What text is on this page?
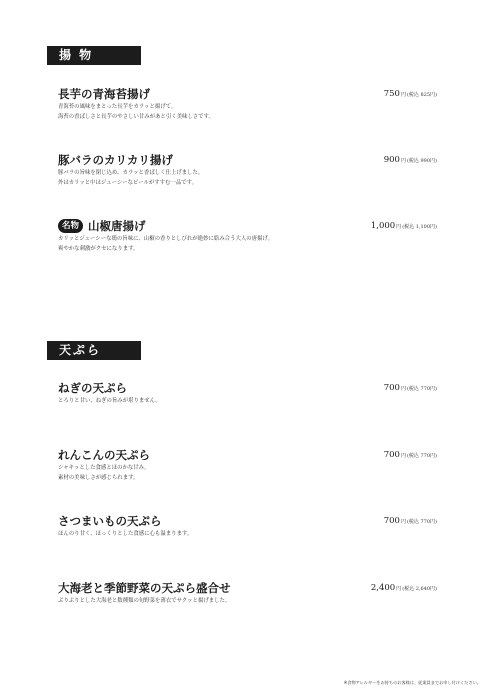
揚 物
長芋の青海苔揚げ	750円(税込 825円)
青海苔の風味をまとった長芋をカラッと揚げて。
海苔の香ばしさと長芋のやさしい甘みがあと引く美味しさです。
豚バラのカリカリ揚げ	900円(税込 990円)
豚バラの旨味を閉じ込め、カラッと香ばしく仕上げました。
外はカリッと中はジューシーなビールがすすむ一品です。
名物 山椒唐揚げ	1,000円(税込 1,100円)
カリッとジューシーな鶏の旨味に、山椒の香りとしびれが絶妙に絡み合う大人の唐揚げ。
爽やかな刺激がクセになります。
天ぷら
ねぎの天ぷら	700円(税込 770円)
とろりと甘い、ねぎの旨みが堪りません。
れんこんの天ぷら	700円(税込 770円)
シャキッとした食感とほのかな甘み。
素材の美味しさが感じられます。
さつまいもの天ぷら	700円(税込 770円)
ほんのり甘く、ほっくりとした食感に心も温まります。
大海老と季節野菜の天ぷら盛合せ	2,400円(税込 2,640円)
ぷりぷりとした大海老と数種類の旬野菜を薄衣でサクッと揚げました。
※食物アレルギーをお持ちのお客様は、従業員までお申し付けください。
